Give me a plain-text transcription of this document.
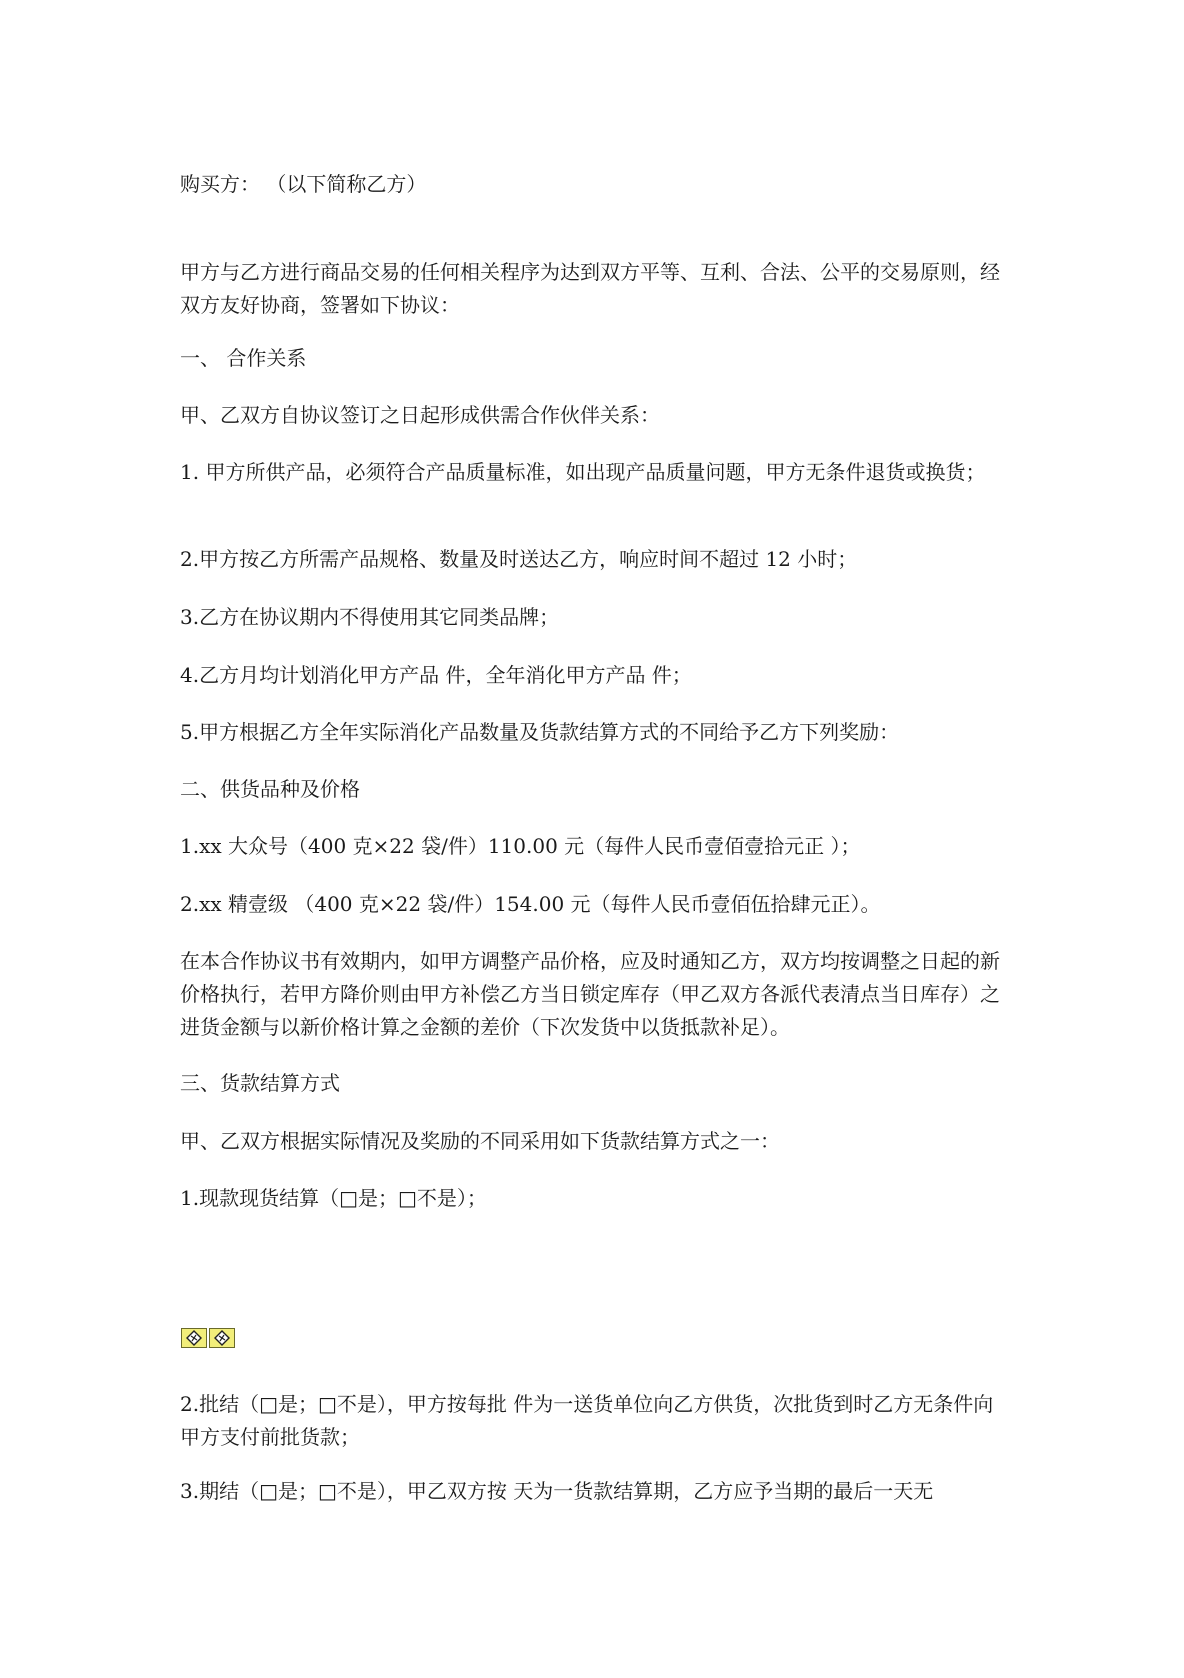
购买方： （以下简称乙方）
甲方与乙方进行商品交易的任何相关程序为达到双方平等、互利、合法、公平的交易原则，经双方友好协商，签署如下协议：
一、 合作关系
甲、乙双方自协议签订之日起形成供需合作伙伴关系：
1. 甲方所供产品，必须符合产品质量标准，如出现产品质量问题，甲方无条件退货或换货；
2.甲方按乙方所需产品规格、数量及时送达乙方，响应时间不超过 12 小时；
3.乙方在协议期内不得使用其它同类品牌；
4.乙方月均计划消化甲方产品 件，全年消化甲方产品 件；
5.甲方根据乙方全年实际消化产品数量及货款结算方式的不同给予乙方下列奖励：
二、供货品种及价格
1.xx 大众号（400 克×22 袋/件）110.00 元（每件人民币壹佰壹拾元正 ）；
2.xx 精壹级 （400 克×22 袋/件）154.00 元（每件人民币壹佰伍拾肆元正）。
在本合作协议书有效期内，如甲方调整产品价格，应及时通知乙方，双方均按调整之日起的新价格执行，若甲方降价则由甲方补偿乙方当日锁定库存（甲乙双方各派代表清点当日库存）之进货金额与以新价格计算之金额的差价（下次发货中以货抵款补足）。
三、货款结算方式
甲、乙双方根据实际情况及奖励的不同采用如下货款结算方式之一：
1.现款现货结算（□是；□不是）；
2.批结（□是；□不是），甲方按每批 件为一送货单位向乙方供货，次批货到时乙方无条件向甲方支付前批货款；
3.期结（□是；□不是），甲乙双方按 天为一货款结算期，乙方应予当期的最后一天无
